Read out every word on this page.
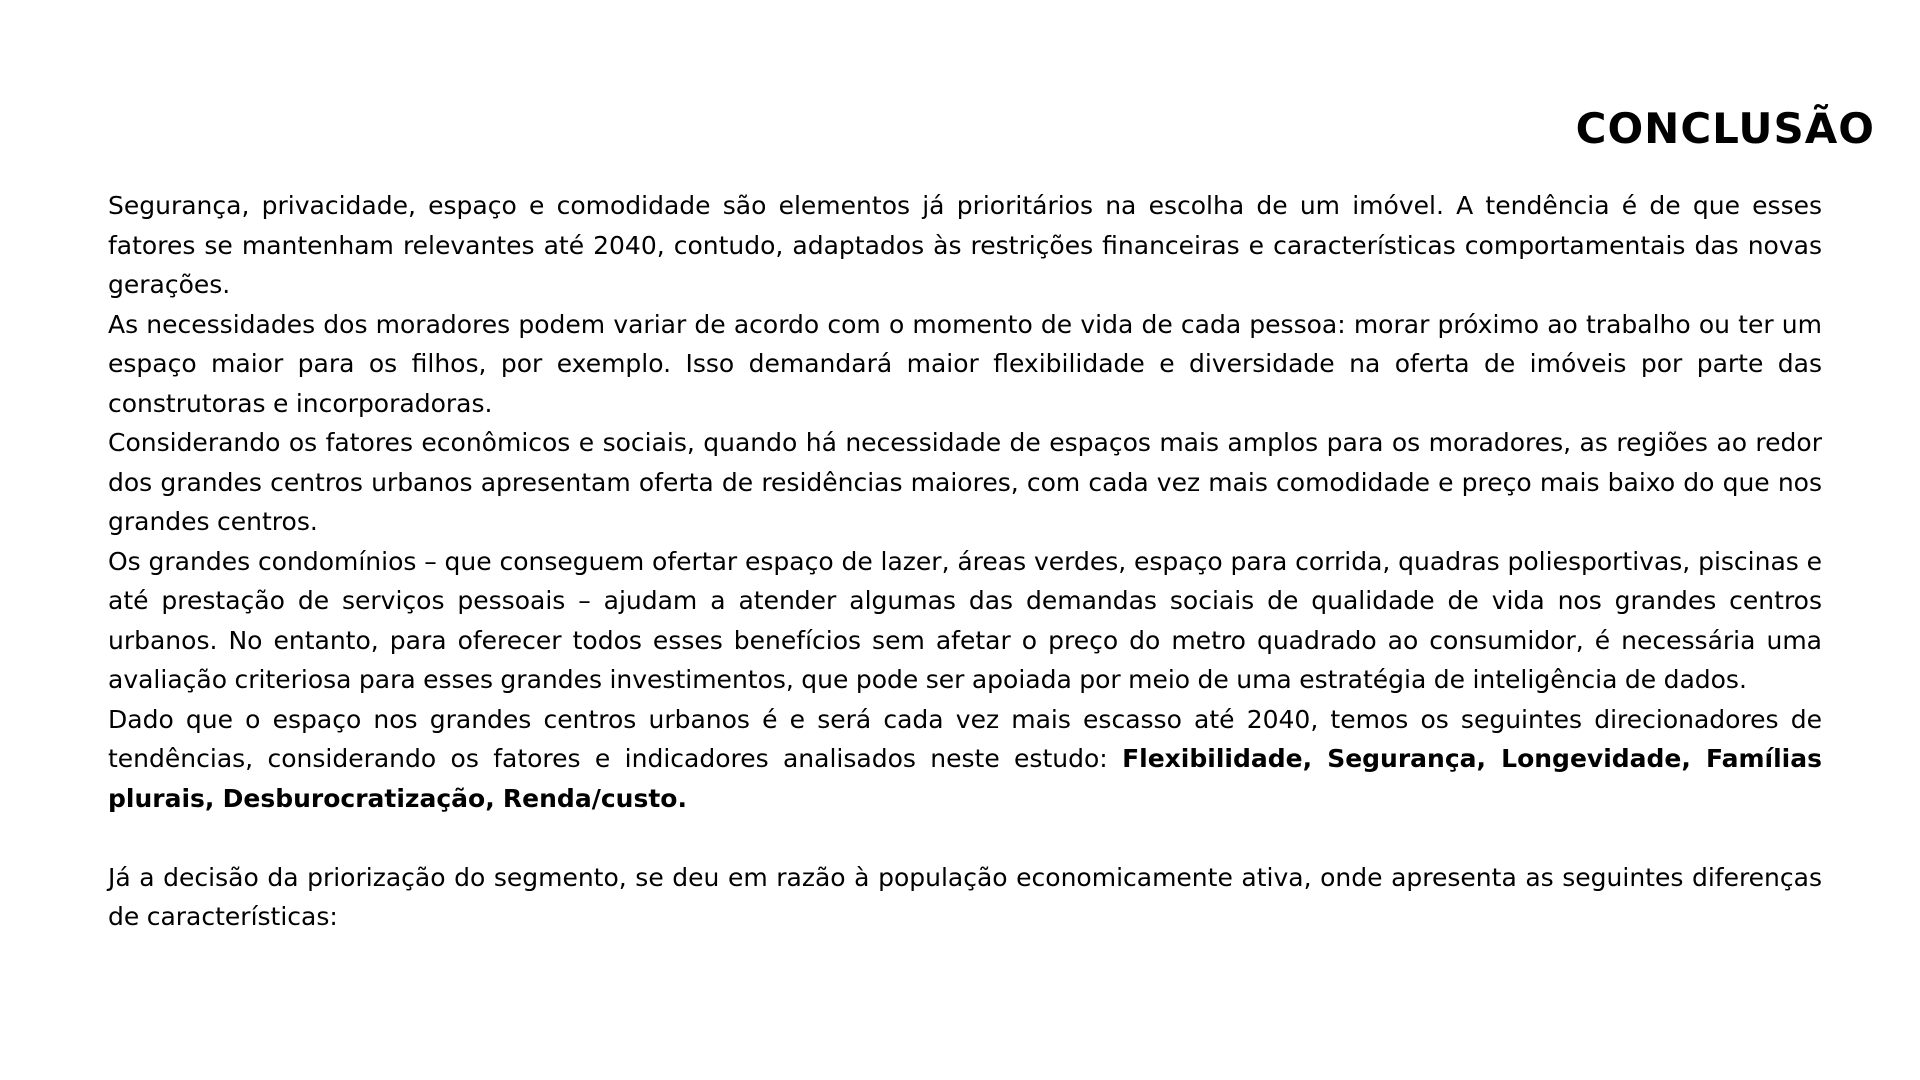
CONCLUSÃO

Segurança, privacidade, espaço e comodidade são elementos já prioritários na escolha de um imóvel. A tendência é de que esses fatores se mantenham relevantes até 2040, contudo, adaptados às restrições financeiras e características comportamentais das novas gerações.

As necessidades dos moradores podem variar de acordo com o momento de vida de cada pessoa: morar próximo ao trabalho ou ter um espaço maior para os filhos, por exemplo. Isso demandará maior flexibilidade e diversidade na oferta de imóveis por parte das construtoras e incorporadoras.

Considerando os fatores econômicos e sociais, quando há necessidade de espaços mais amplos para os moradores, as regiões ao redor dos grandes centros urbanos apresentam oferta de residências maiores, com cada vez mais comodidade e preço mais baixo do que nos grandes centros.

Os grandes condomínios – que conseguem ofertar espaço de lazer, áreas verdes, espaço para corrida, quadras poliesportivas, piscinas e até prestação de serviços pessoais – ajudam a atender algumas das demandas sociais de qualidade de vida nos grandes centros urbanos. No entanto, para oferecer todos esses benefícios sem afetar o preço do metro quadrado ao consumidor, é necessária uma avaliação criteriosa para esses grandes investimentos, que pode ser apoiada por meio de uma estratégia de inteligência de dados.

Dado que o espaço nos grandes centros urbanos é e será cada vez mais escasso até 2040, temos os seguintes direcionadores de tendências, considerando os fatores e indicadores analisados neste estudo: Flexibilidade, Segurança, Longevidade, Famílias plurais, Desburocratização, Renda/custo.

Já a decisão da priorização do segmento, se deu em razão à população economicamente ativa, onde apresenta as seguintes diferenças de características:
